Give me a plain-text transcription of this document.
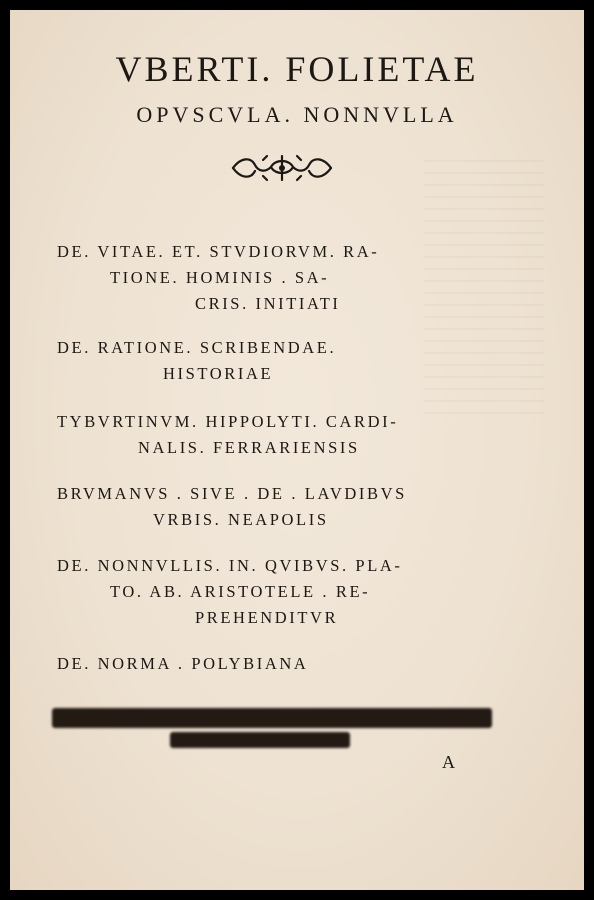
VBERTI. FOLIETAE
OPVSCVLA. NONNVLLA
DE. VITAE. ET. STVDIORVM. RA-
TIONE. HOMINIS . SA-
CRIS. INITIATI
DE. RATIONE. SCRIBENDAE.
HISTORIAE
TYBVRTINVM. HIPPOLYTI. CARDI-
NALIS. FERRARIENSIS
BRVMANVS . SIVE . DE . LAVDIBVS
VRBIS. NEAPOLIS
DE. NONNVLLIS. IN. QVIBVS. PLA-
TO. AB. ARISTOTELE . RE-
PREHENDITVR
DE. NORMA . POLYBIANA
A
